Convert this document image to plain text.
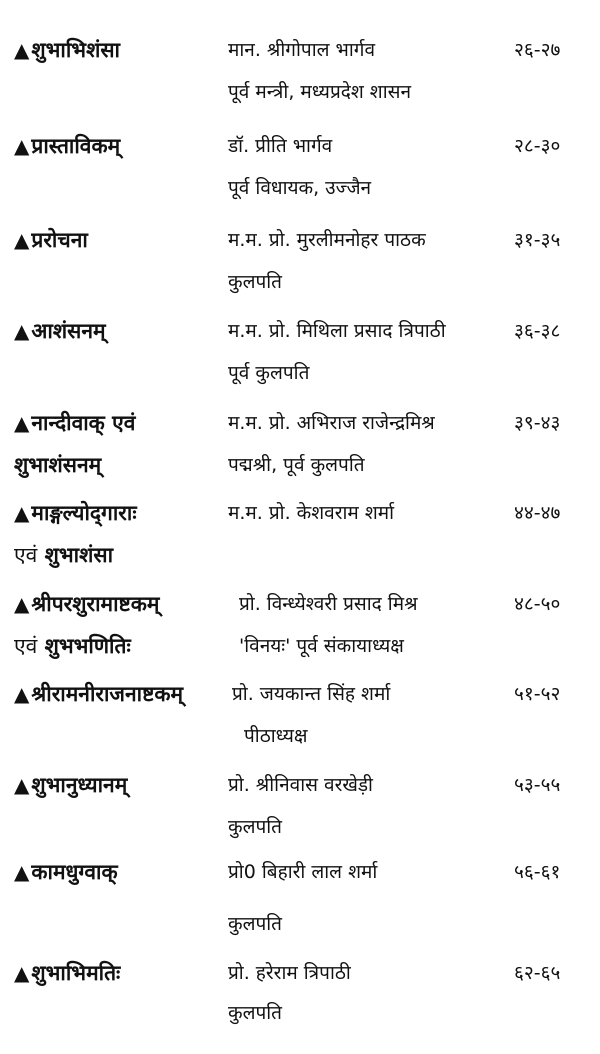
▲शुभाभिशंसा	मान. श्रीगोपाल भार्गव	२६-२७
पूर्व मन्त्री, मध्यप्रदेश शासन
▲प्रास्ताविकम्	डॉ. प्रीति भार्गव	२८-३०
पूर्व विधायक, उज्जैन
▲प्ररोचना	म.म. प्रो. मुरलीमनोहर पाठक	३१-३५
कुलपति
▲आशंसनम्	म.म. प्रो. मिथिला प्रसाद त्रिपाठी	३६-३८
पूर्व कुलपति
▲नान्दीवाक् एवं
शुभाशंसनम्
म.म. प्रो. अभिराज राजेन्द्रमिश्र	३९-४३
पद्मश्री, पूर्व कुलपति
▲माङ्गल्योद्‌गाराः
एवं शुभाशंसा
म.म. प्रो. केशवराम शर्मा	४४-४७
▲श्रीपरशुरामाष्टकम्
एवं शुभभणितिः
प्रो. विन्ध्येश्वरी प्रसाद मिश्र	४८-५०
'विनयः' पूर्व संकायाध्यक्ष
▲श्रीरामनीराजनाष्टकम्	प्रो. जयकान्त सिंह शर्मा	५१-५२
पीठाध्यक्ष
▲शुभानुध्यानम्	प्रो. श्रीनिवास वरखेड़ी	५३-५५
कुलपति
▲कामधुग्वाक्	प्रो0 बिहारी लाल शर्मा	५६-६१
कुलपति
▲शुभाभिमतिः	प्रो. हरेराम त्रिपाठी	६२-६५
कुलपति
